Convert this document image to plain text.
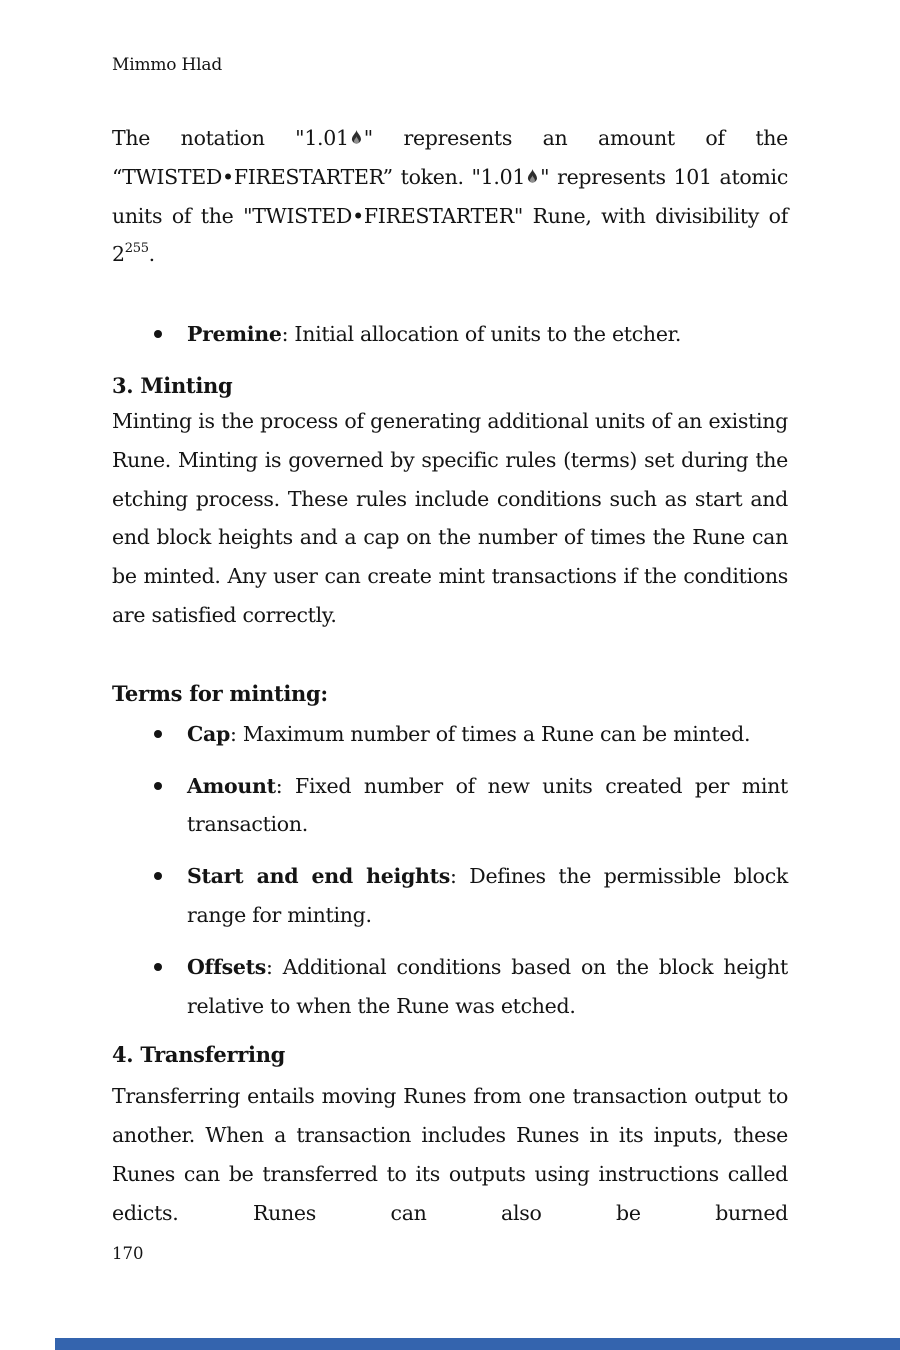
Mimmo Hlad

The notation "1.01 " represents an amount of the “TWISTED•FIRESTARTER” token. "1.01 " represents 101 atomic units of the "TWISTED•FIRESTARTER" Rune, with divisibility of $2^{255}$.

Premine: Initial allocation of units to the etcher.
3. Minting

Minting is the process of generating additional units of an existing Rune. Minting is governed by specific rules (terms) set during the etching process. These rules include conditions such as start and end block heights and a cap on the number of times the Rune can be minted. Any user can create mint transactions if the conditions are satisfied correctly.

Terms for minting:
Cap: Maximum number of times a Rune can be minted.
Amount: Fixed number of new units created per mint transaction.
Start and end heights: Defines the permissible block range for minting.
Offsets: Additional conditions based on the block height relative to when the Rune was etched.
4. Transferring

Transferring entails moving Runes from one transaction output to another. When a transaction includes Runes in its inputs, these Runes can be transferred to its outputs using instructions called edicts. Runes can also be burned

170
